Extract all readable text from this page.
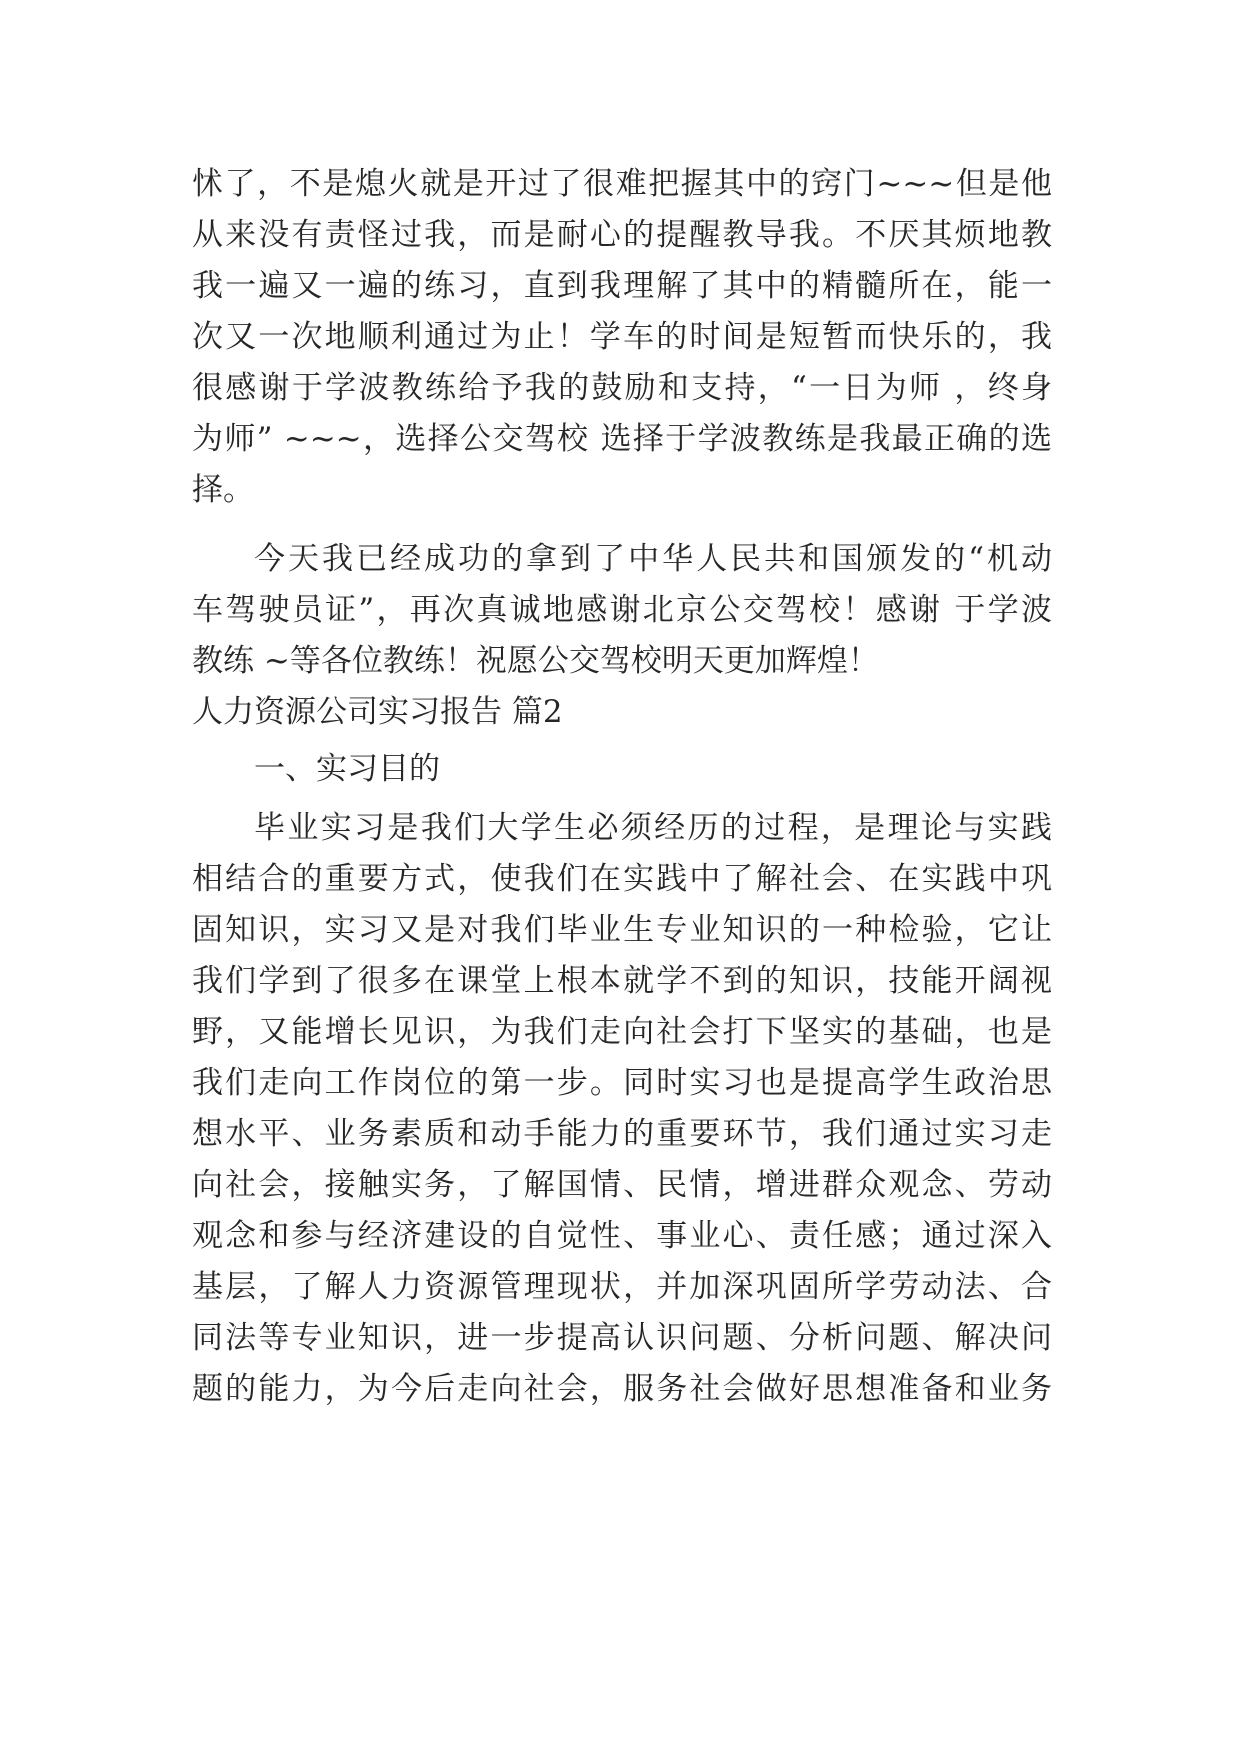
怵了，不是熄火就是开过了很难把握其中的窍门~~~但是他
从来没有责怪过我，而是耐心的提醒教导我。不厌其烦地教
我一遍又一遍的练习，直到我理解了其中的精髓所在，能一
次又一次地顺利通过为止！学车的时间是短暂而快乐的，我
很感谢于学波教练给予我的鼓励和支持，“一日为师 ，终身
为师” ~~~，选择公交驾校 选择于学波教练是我最正确的选
择。
今天我已经成功的拿到了中华人民共和国颁发的“机动
车驾驶员证”，再次真诚地感谢北京公交驾校！感谢 于学波
教练 ~等各位教练！祝愿公交驾校明天更加辉煌！
人力资源公司实习报告 篇2
一、实习目的
毕业实习是我们大学生必须经历的过程，是理论与实践
相结合的重要方式，使我们在实践中了解社会、在实践中巩
固知识，实习又是对我们毕业生专业知识的一种检验，它让
我们学到了很多在课堂上根本就学不到的知识，技能开阔视
野，又能增长见识，为我们走向社会打下坚实的基础，也是
我们走向工作岗位的第一步。同时实习也是提高学生政治思
想水平、业务素质和动手能力的重要环节，我们通过实习走
向社会，接触实务，了解国情、民情，增进群众观念、劳动
观念和参与经济建设的自觉性、事业心、责任感；通过深入
基层，了解人力资源管理现状，并加深巩固所学劳动法、合
同法等专业知识，进一步提高认识问题、分析问题、解决问
题的能力，为今后走向社会，服务社会做好思想准备和业务
